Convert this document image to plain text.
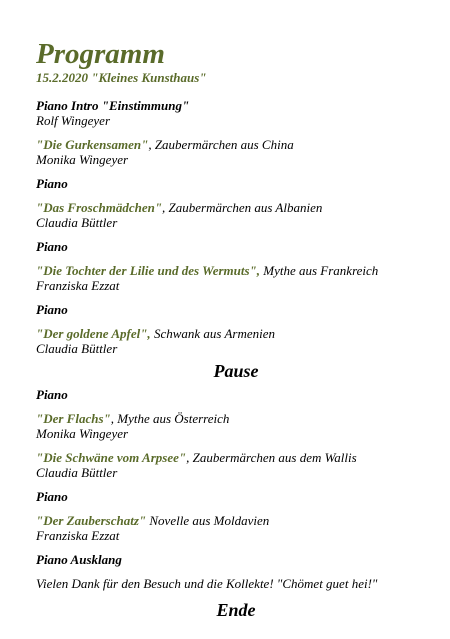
Programm
15.2.2020 "Kleines Kunsthaus"
Piano Intro "Einstimmung"
Rolf Wingeyer
"Die Gurkensamen", Zaubermärchen aus China
Monika Wingeyer
Piano
"Das Froschmädchen", Zaubermärchen aus Albanien
Claudia Büttler
Piano
"Die Tochter der Lilie und des Wermuts", Mythe aus Frankreich
Franziska Ezzat
Piano
"Der goldene Apfel", Schwank aus Armenien
Claudia Büttler
Pause
Piano
"Der Flachs", Mythe aus Österreich
Monika Wingeyer
"Die Schwäne vom Arpsee", Zaubermärchen aus dem Wallis
Claudia Büttler
Piano
"Der Zauberschatz" Novelle aus Moldavien
Franziska Ezzat
Piano Ausklang
Vielen Dank für den Besuch und die Kollekte! "Chömet guet hei!"
Ende
